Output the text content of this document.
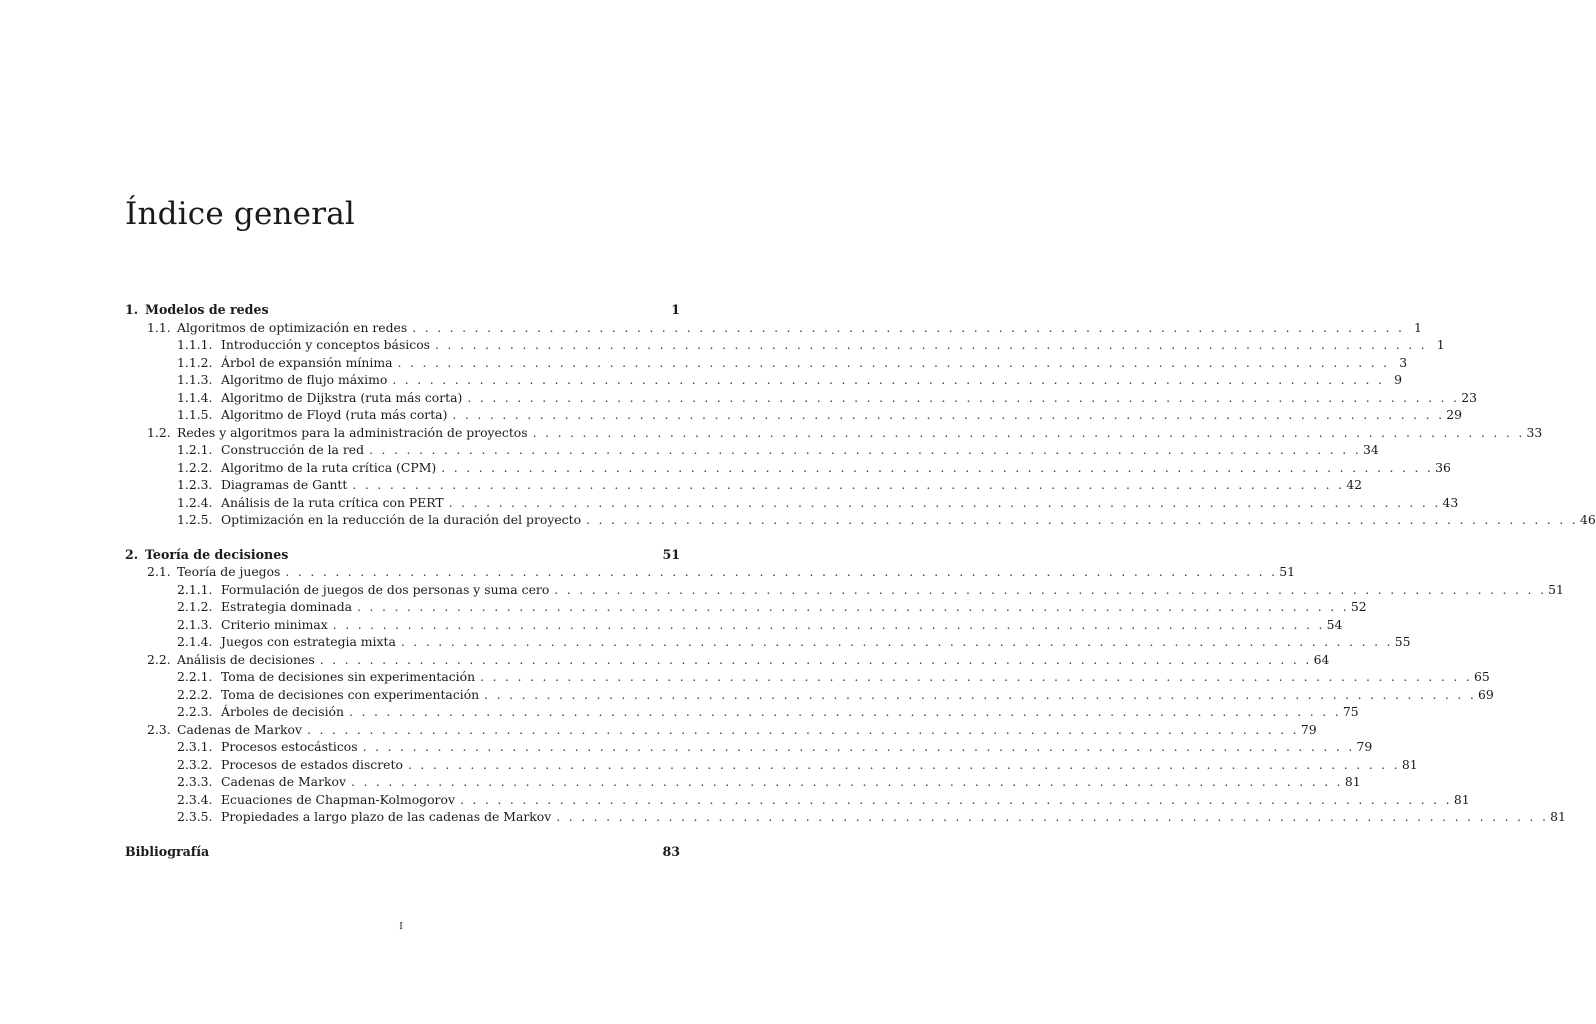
Índice general
1. Modelos de redes	1
1.1. Algoritmos de optimización en redes . . .	1
1.1.1. Introducción y conceptos básicos . . .	1
1.1.2. Árbol de expansión mínima . . .	3
1.1.3. Algoritmo de flujo máximo . . .	9
1.1.4. Algoritmo de Dijkstra (ruta más corta) . . .	23
1.1.5. Algoritmo de Floyd (ruta más corta) . . .	29
1.2. Redes y algoritmos para la administración de proyectos . . .	33
1.2.1. Construcción de la red . . .	34
1.2.2. Algoritmo de la ruta crítica (CPM) . . .	36
1.2.3. Diagramas de Gantt . . .	42
1.2.4. Análisis de la ruta crítica con PERT . . .	43
1.2.5. Optimización en la reducción de la duración del proyecto . . .	46
2. Teoría de decisiones	51
2.1. Teoría de juegos . . .	51
2.1.1. Formulación de juegos de dos personas y suma cero . . .	51
2.1.2. Estrategia dominada . . .	52
2.1.3. Criterio minimax . . .	54
2.1.4. Juegos con estrategia mixta . . .	55
2.2. Análisis de decisiones . . .	64
2.2.1. Toma de decisiones sin experimentación . . .	65
2.2.2. Toma de decisiones con experimentación . . .	69
2.2.3. Árboles de decisión . . .	75
2.3. Cadenas de Markov . . .	79
2.3.1. Procesos estocásticos . . .	79
2.3.2. Procesos de estados discreto . . .	81
2.3.3. Cadenas de Markov . . .	81
2.3.4. Ecuaciones de Chapman-Kolmogorov . . .	81
2.3.5. Propiedades a largo plazo de las cadenas de Markov . . .	81
Bibliografía	83
I
